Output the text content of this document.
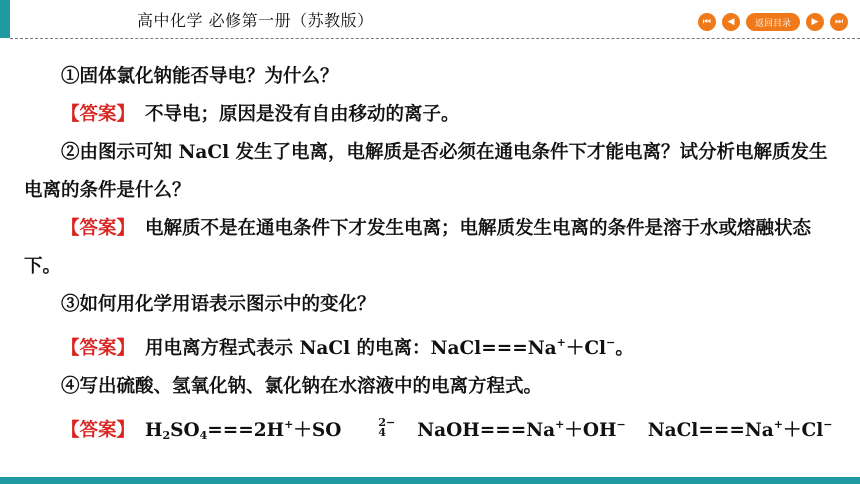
高中化学 必修第一册（苏教版）	⏮	◀	返回目录	▶	⏭

①固体氯化钠能否导电？为什么？

【答案】 不导电；原因是没有自由移动的离子。

②由图示可知 NaCl 发生了电离，电解质是否必须在通电条件下才能电离？试分析电解质发生电离的条件是什么？

【答案】 电解质不是在通电条件下才发生电离；电解质发生电离的条件是溶于水或熔融状态下。

③如何用化学用语表示图示中的变化？

【答案】 用电离方程式表示 NaCl 的电离：NaCl===Na+＋Cl−。

④写出硫酸、氢氧化钠、氯化钠在水溶液中的电离方程式。

【答案】 $H_2SO_4===2H^++SO$	2−
4	NaOH===Na+＋OH− NaCl===Na+＋Cl−
